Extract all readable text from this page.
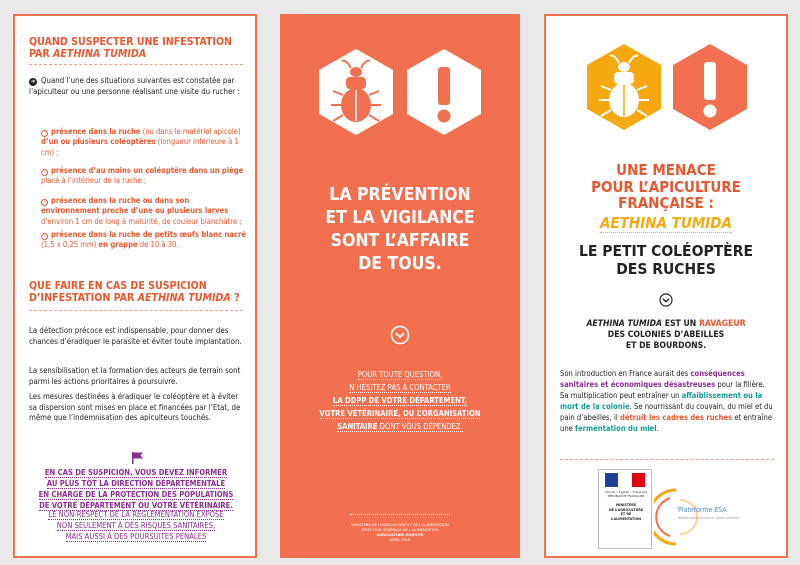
QUAND SUSPECTER UNE INFESTATION
PAR AETHINA TUMIDA
➜ Quand l’une des situations suivantes est constatée par l’apiculteur ou une personne réalisant une visite du rucher :
› présence dans la ruche (ou dans le matériel apicole) d’un ou plusieurs coléoptères (longueur inférieure à 1 cm) ;
› présence d’au moins un coléoptère dans un piège placé à l’intérieur de la ruche ;
› présence dans la ruche ou dans son environnement proche d’une ou plusieurs larves d’environ 1 cm de long à maturité, de couleur blanchâtre ;
› présence dans la ruche de petits œufs blanc nacré (1,5 x 0,25 mm) en grappe de 10 à 30.
QUE FAIRE EN CAS DE SUSPICION
D’INFESTATION PAR AETHINA TUMIDA ?
La détection précoce est indispensable, pour donner des chances d’éradiquer le parasite et éviter toute implantation.
La sensibilisation et la formation des acteurs de terrain sont parmi les actions prioritaires à poursuivre.
Les mesures destinées à éradiquer le coléoptère et à éviter sa dispersion sont mises en place et financées par l’Etat, de même que l’indemnisation des apiculteurs touchés.
EN CAS DE SUSPICION, VOUS DEVEZ INFORMER
AU PLUS TÔT LA DIRECTION DÉPARTEMENTALE
EN CHARGE DE LA PROTECTION DES POPULATIONS
DE VOTRE DÉPARTEMENT OU VOTRE VÉTÉRINAIRE.
LE NON-RESPECT DE LA RÉGLEMENTATION EXPOSE
NON SEULEMENT À DES RISQUES SANITAIRES,
MAIS AUSSI À DES POURSUITES PÉNALES
LA PRÉVENTION
ET LA VIGILANCE
SONT L’AFFAIRE
DE TOUS.
POUR TOUTE QUESTION,
N’HÉSITEZ PAS À CONTACTER
LA DDPP DE VOTRE DÉPARTEMENT,
VOTRE VÉTÉRINAIRE, OU L’ORGANISATION
SANITAIRE DONT VOUS DÉPENDEZ.
MINISTÈRE DE L’AGRICULTURE ET DE L’ALIMENTATION
DIRECTION GÉNÉRALE DE L’ALIMENTATION
AGRICULTURE.GOUV.FR
AVRIL 2018
UNE MENACE
POUR L’APICULTURE
FRANÇAISE :
AETHINA TUMIDA
LE PETIT COLÉOPTÈRE
DES RUCHES
AETHINA TUMIDA EST UN RAVAGEUR
DES COLONIES D’ABEILLES
ET DE BOURDONS.
Son introduction en France aurait des conséquences sanitaires et économiques désastreuses pour la filière. Sa multiplication peut entraîner un affaiblissement ou la mort de la colonie. Se nourrissant du couvain, du miel et du pain d’abeilles, il détruit les cadres des ruches et entraîne une fermentation du miel.
Liberté • Égalité • Fraternité
RÉPUBLIQUE FRANÇAISE
MINISTÈRE
DE L’AGRICULTURE
ET DE
L’ALIMENTATION
Plateforme ESA
épidémiosurveillance santé animale
